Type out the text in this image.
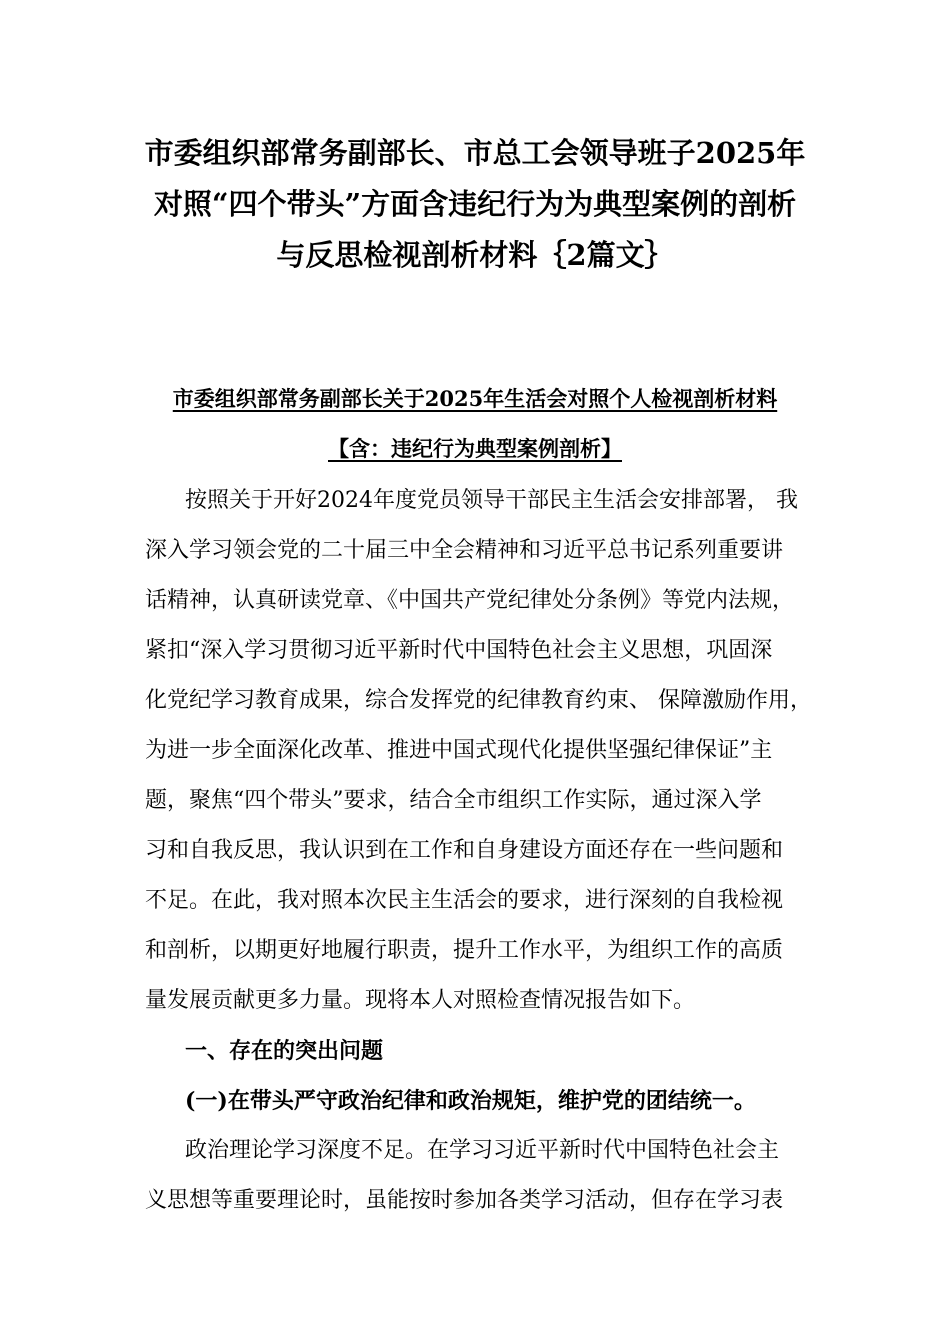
市委组织部常务副部长、市总工会领导班子2025年
对照“四个带头”方面含违纪行为为典型案例的剖析
与反思检视剖析材料｛2篇文｝
市委组织部常务副部长关于2025年生活会对照个人检视剖析材料
【含：违纪行为典型案例剖析】
按照关于开好2024年度党员领导干部民主生活会安排部署， 我
深入学习领会党的二十届三中全会精神和习近平总书记系列重要讲
话精神，认真研读党章、《中国共产党纪律处分条例》等党内法规，
紧扣“深入学习贯彻习近平新时代中国特色社会主义思想，巩固深
化党纪学习教育成果，综合发挥党的纪律教育约束、 保障激励作用，
为进一步全面深化改革、推进中国式现代化提供坚强纪律保证”主
题，聚焦“四个带头”要求，结合全市组织工作实际，通过深入学
习和自我反思，我认识到在工作和自身建设方面还存在一些问题和
不足。在此，我对照本次民主生活会的要求，进行深刻的自我检视
和剖析，以期更好地履行职责，提升工作水平，为组织工作的高质
量发展贡献更多力量。现将本人对照检查情况报告如下。
一、存在的突出问题
(一)在带头严守政治纪律和政治规矩，维护党的团结统一。
政治理论学习深度不足。在学习习近平新时代中国特色社会主
义思想等重要理论时，虽能按时参加各类学习活动，但存在学习表
